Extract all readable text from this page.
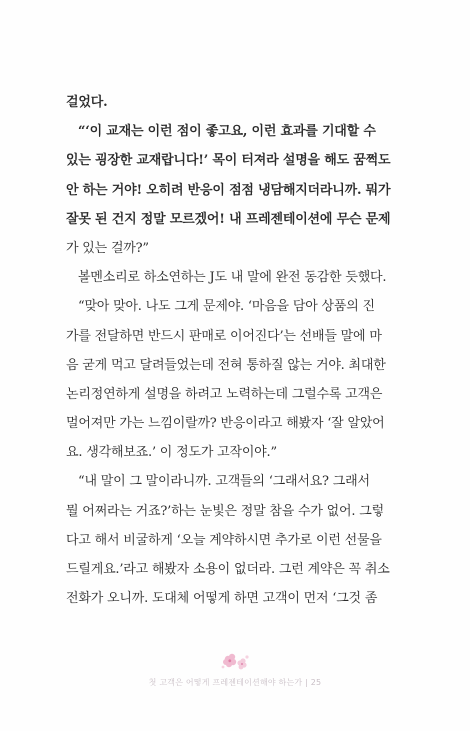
걸었다.
“‘이 교재는 이런 점이 좋고요, 이런 효과를 기대할 수
있는 굉장한 교재랍니다!’ 목이 터져라 설명을 해도 꿈쩍도
안 하는 거야! 오히려 반응이 점점 냉담해지더라니까. 뭐가
잘못 된 건지 정말 모르겠어! 내 프레젠테이션에 무슨 문제
가 있는 걸까?”
볼멘소리로 하소연하는 J도 내 말에 완전 동감한 듯했다.
“맞아 맞아. 나도 그게 문제야. ‘마음을 담아 상품의 진
가를 전달하면 반드시 판매로 이어진다’는 선배들 말에 마
음 굳게 먹고 달려들었는데 전혀 통하질 않는 거야. 최대한
논리정연하게 설명을 하려고 노력하는데 그럴수록 고객은
멀어져만 가는 느낌이랄까? 반응이라고 해봤자 ‘잘 알았어
요. 생각해보죠.’ 이 정도가 고작이야.”
“내 말이 그 말이라니까. 고객들의 ‘그래서요? 그래서
뭘 어쩌라는 거죠?’하는 눈빛은 정말 참을 수가 없어. 그렇
다고 해서 비굴하게 ‘오늘 계약하시면 추가로 이런 선물을
드릴게요.’라고 해봤자 소용이 없더라. 그런 계약은 꼭 취소
전화가 오니까. 도대체 어떻게 하면 고객이 먼저 ‘그것 좀
첫 고객은 어떻게 프레젠테이션해야 하는가 | 25
